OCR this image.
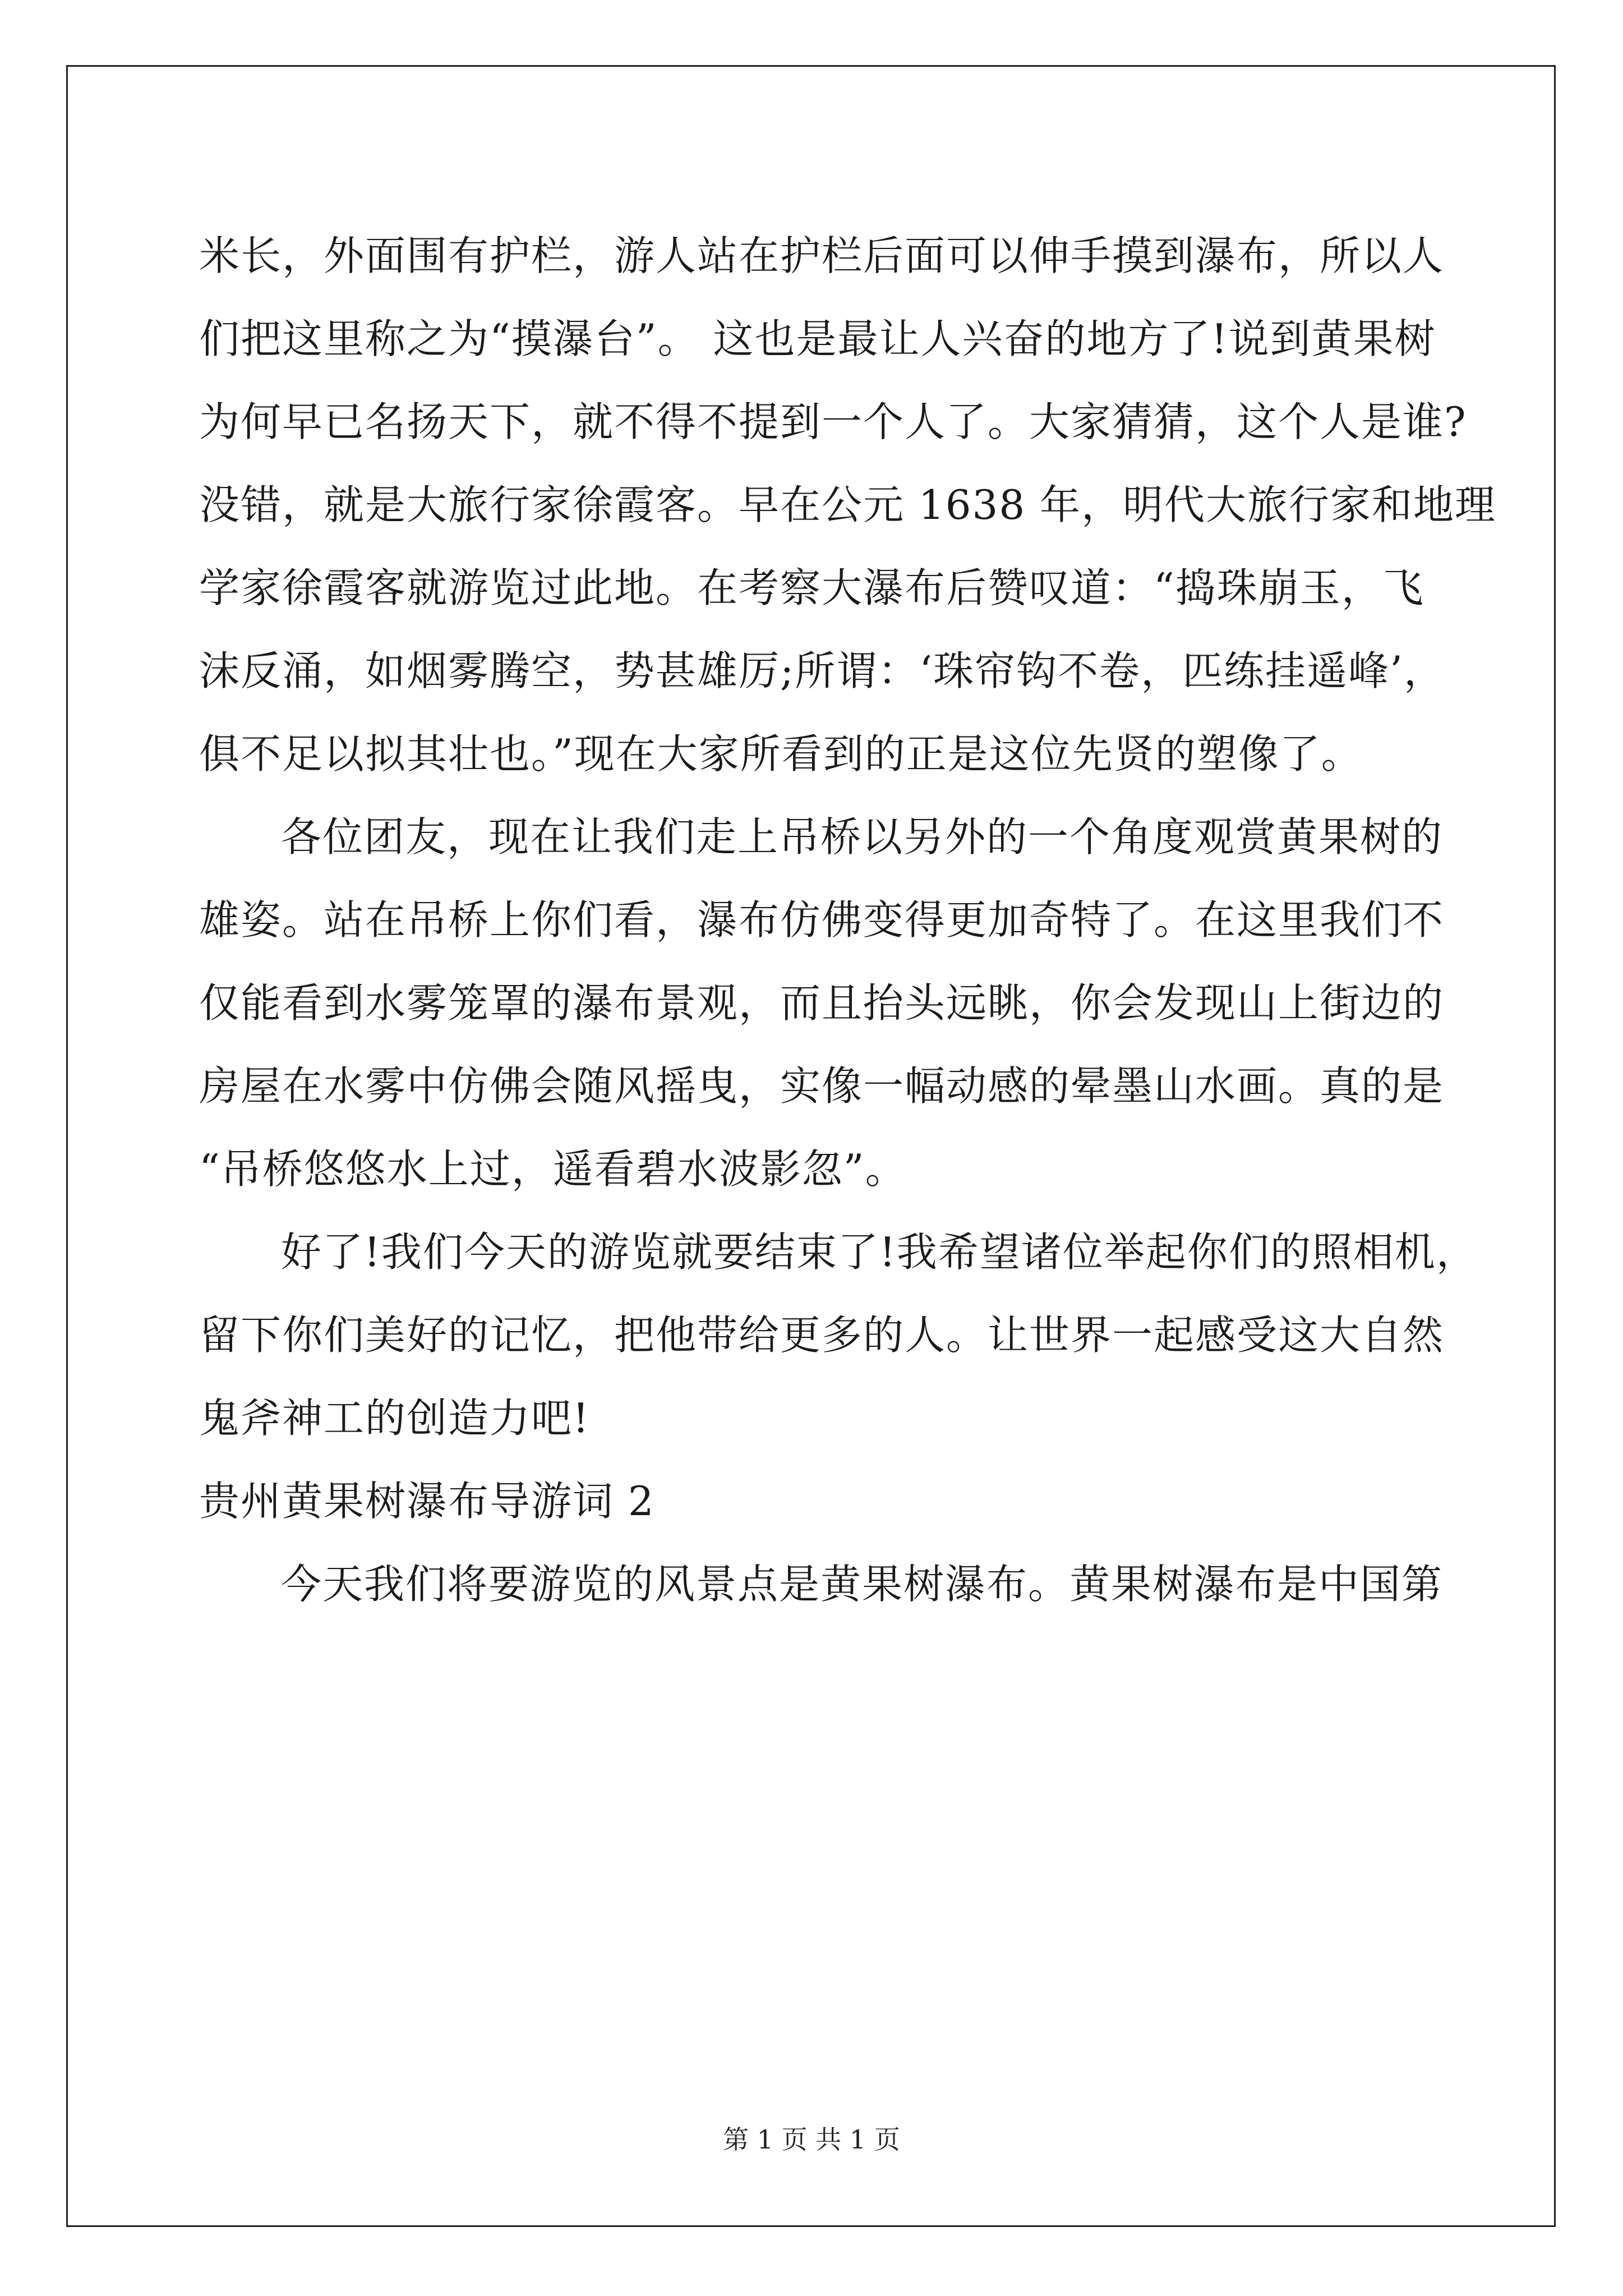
米长，外面围有护栏，游人站在护栏后面可以伸手摸到瀑布，所以人
们把这里称之为“摸瀑台”。 这也是最让人兴奋的地方了!说到黄果树
为何早已名扬天下，就不得不提到一个人了。大家猜猜，这个人是谁?
没错，就是大旅行家徐霞客。早在公元 1638 年，明代大旅行家和地理
学家徐霞客就游览过此地。在考察大瀑布后赞叹道：“捣珠崩玉，飞
沫反涌，如烟雾腾空，势甚雄厉;所谓：‘珠帘钩不卷，匹练挂遥峰’，
俱不足以拟其壮也。”现在大家所看到的正是这位先贤的塑像了。
各位团友，现在让我们走上吊桥以另外的一个角度观赏黄果树的
雄姿。站在吊桥上你们看，瀑布仿佛变得更加奇特了。在这里我们不
仅能看到水雾笼罩的瀑布景观，而且抬头远眺，你会发现山上街边的
房屋在水雾中仿佛会随风摇曳，实像一幅动感的晕墨山水画。真的是
“吊桥悠悠水上过，遥看碧水波影忽”。
好了!我们今天的游览就要结束了!我希望诸位举起你们的照相机，
留下你们美好的记忆，把他带给更多的人。让世界一起感受这大自然
鬼斧神工的创造力吧!
贵州黄果树瀑布导游词 2
今天我们将要游览的风景点是黄果树瀑布。黄果树瀑布是中国第
第 1 页 共 1 页
